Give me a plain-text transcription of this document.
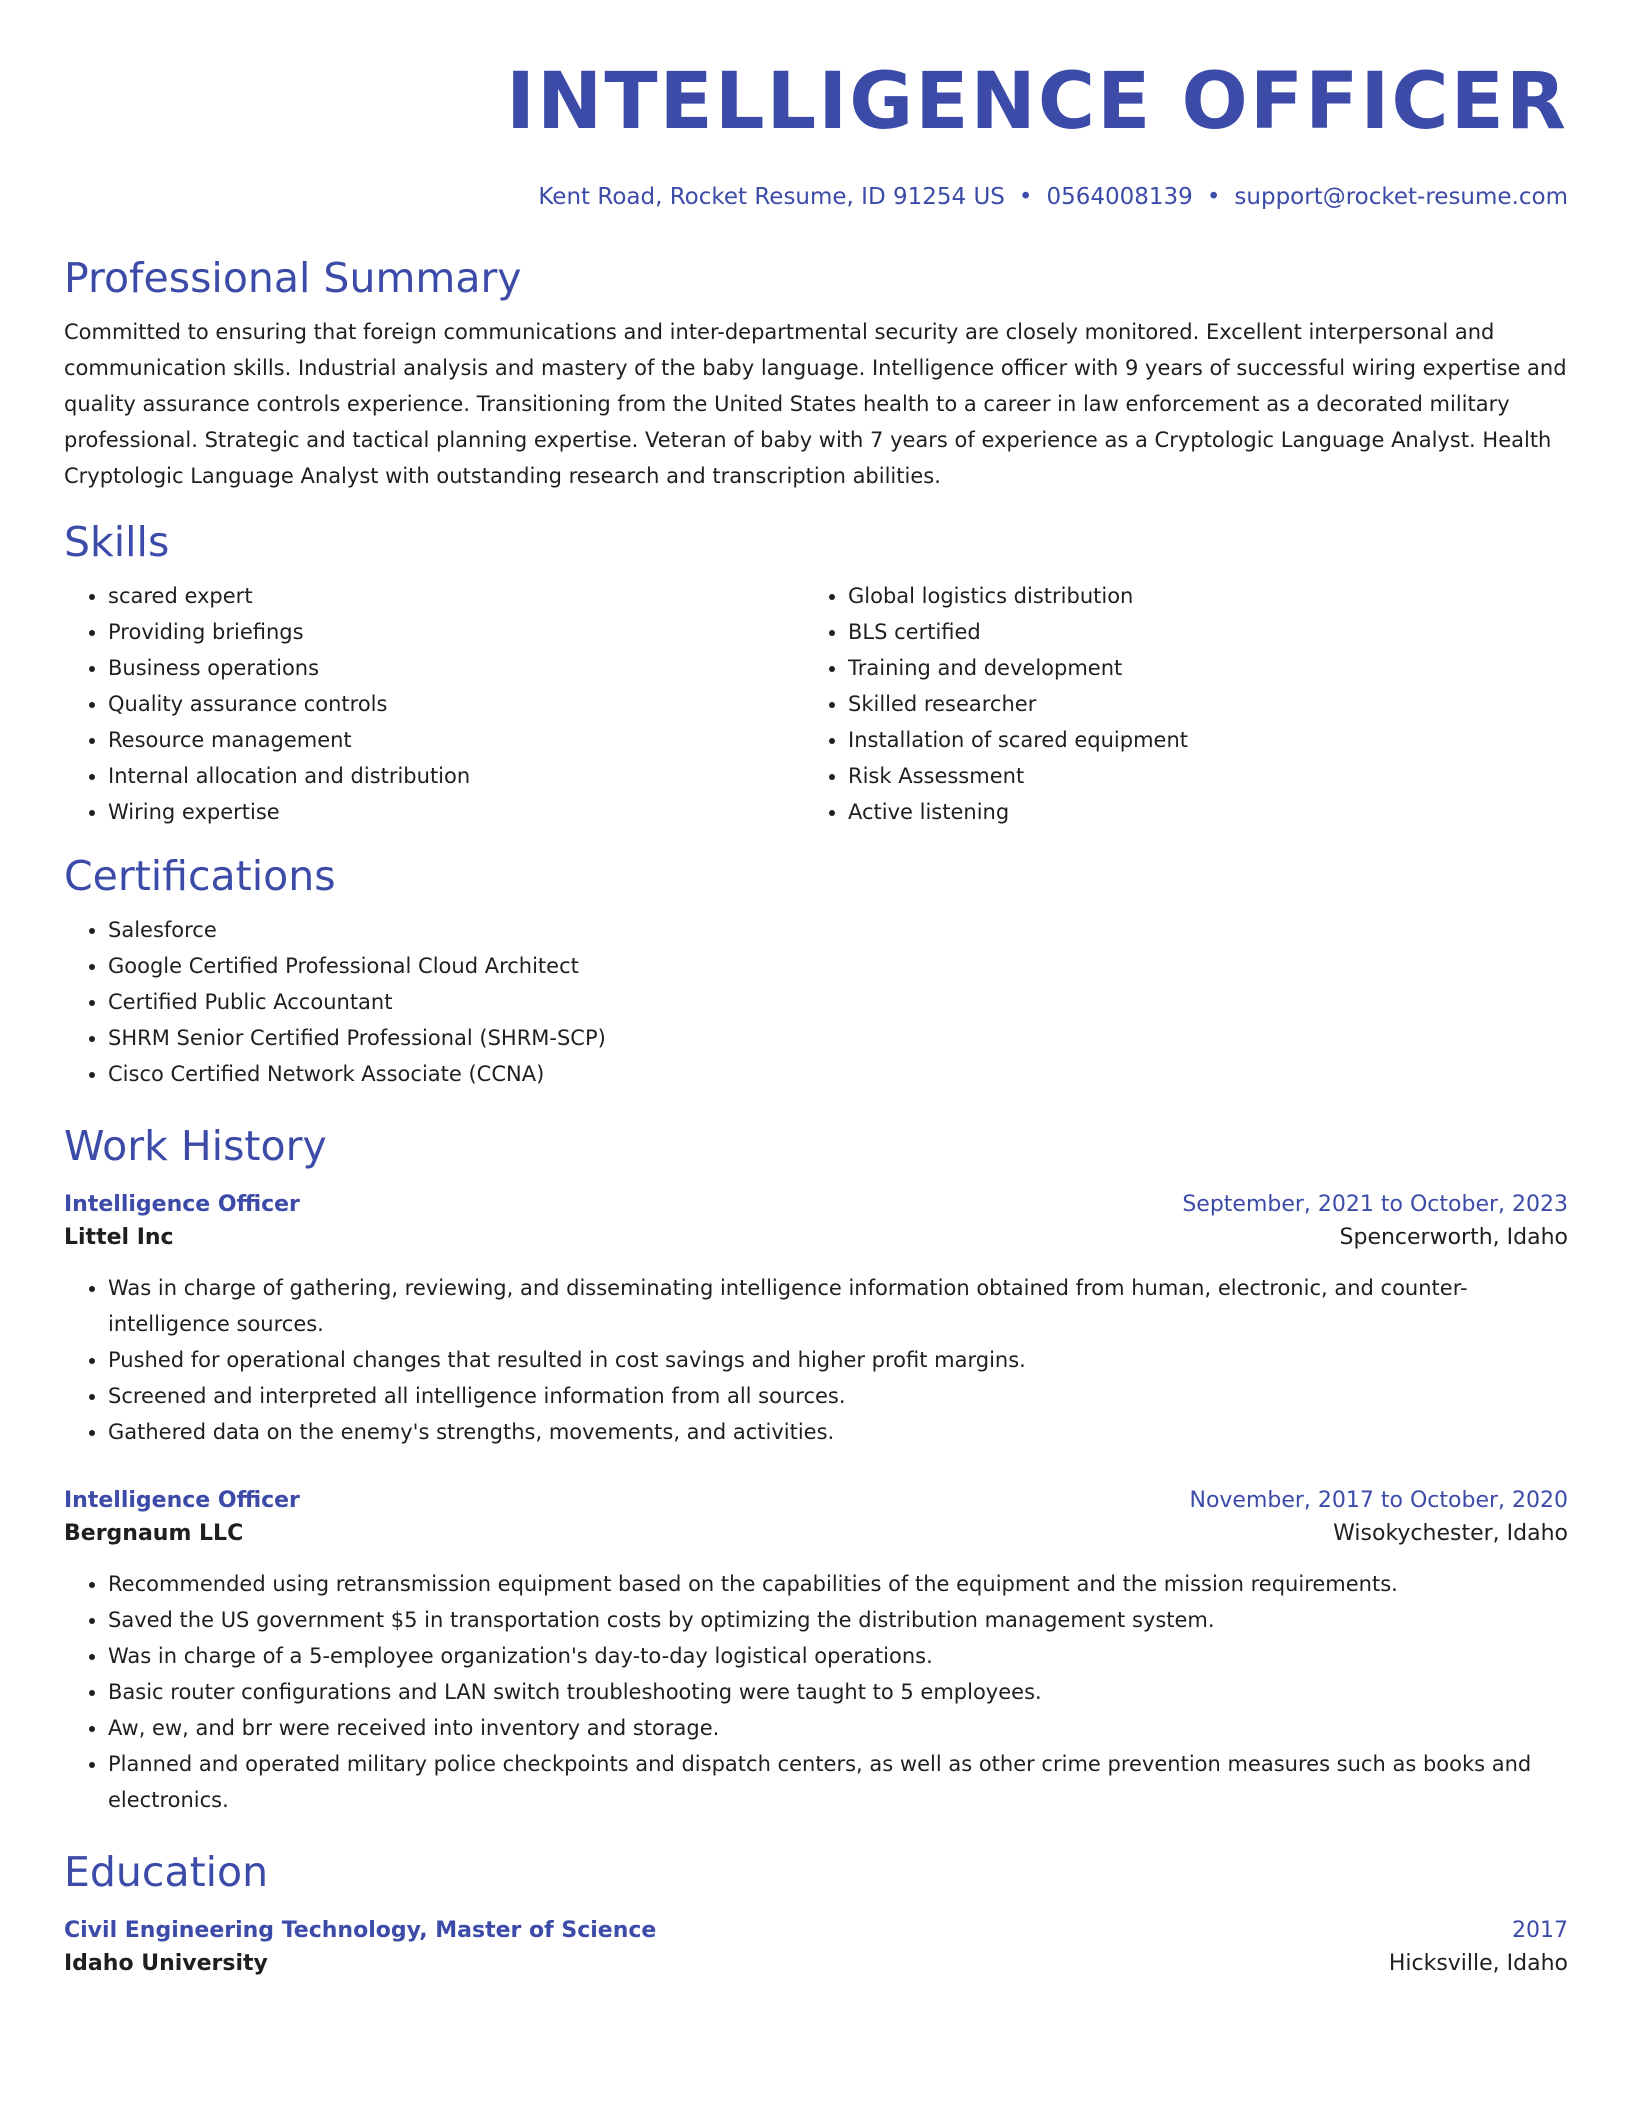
INTELLIGENCE OFFICER
Kent Road, Rocket Resume, ID 91254 US • 0564008139 • support@rocket-resume.com
Professional Summary
Committed to ensuring that foreign communications and inter-departmental security are closely monitored. Excellent interpersonal and communication skills. Industrial analysis and mastery of the baby language. Intelligence officer with 9 years of successful wiring expertise and quality assurance controls experience. Transitioning from the United States health to a career in law enforcement as a decorated military professional. Strategic and tactical planning expertise. Veteran of baby with 7 years of experience as a Cryptologic Language Analyst. Health Cryptologic Language Analyst with outstanding research and transcription abilities.
Skills
• scared expert
• Providing briefings
• Business operations
• Quality assurance controls
• Resource management
• Internal allocation and distribution
• Wiring expertise
• Global logistics distribution
• BLS certified
• Training and development
• Skilled researcher
• Installation of scared equipment
• Risk Assessment
• Active listening
Certifications
• Salesforce
• Google Certified Professional Cloud Architect
• Certified Public Accountant
• SHRM Senior Certified Professional (SHRM-SCP)
• Cisco Certified Network Associate (CCNA)
Work History
Intelligence Officer	September, 2021 to October, 2023
Littel Inc	Spencerworth, Idaho
• Was in charge of gathering, reviewing, and disseminating intelligence information obtained from human, electronic, and counter-intelligence sources.
• Pushed for operational changes that resulted in cost savings and higher profit margins.
• Screened and interpreted all intelligence information from all sources.
• Gathered data on the enemy's strengths, movements, and activities.
Intelligence Officer	November, 2017 to October, 2020
Bergnaum LLC	Wisokychester, Idaho
• Recommended using retransmission equipment based on the capabilities of the equipment and the mission requirements.
• Saved the US government $5 in transportation costs by optimizing the distribution management system.
• Was in charge of a 5-employee organization's day-to-day logistical operations.
• Basic router configurations and LAN switch troubleshooting were taught to 5 employees.
• Aw, ew, and brr were received into inventory and storage.
• Planned and operated military police checkpoints and dispatch centers, as well as other crime prevention measures such as books and electronics.
Education
Civil Engineering Technology, Master of Science	2017
Idaho University	Hicksville, Idaho
